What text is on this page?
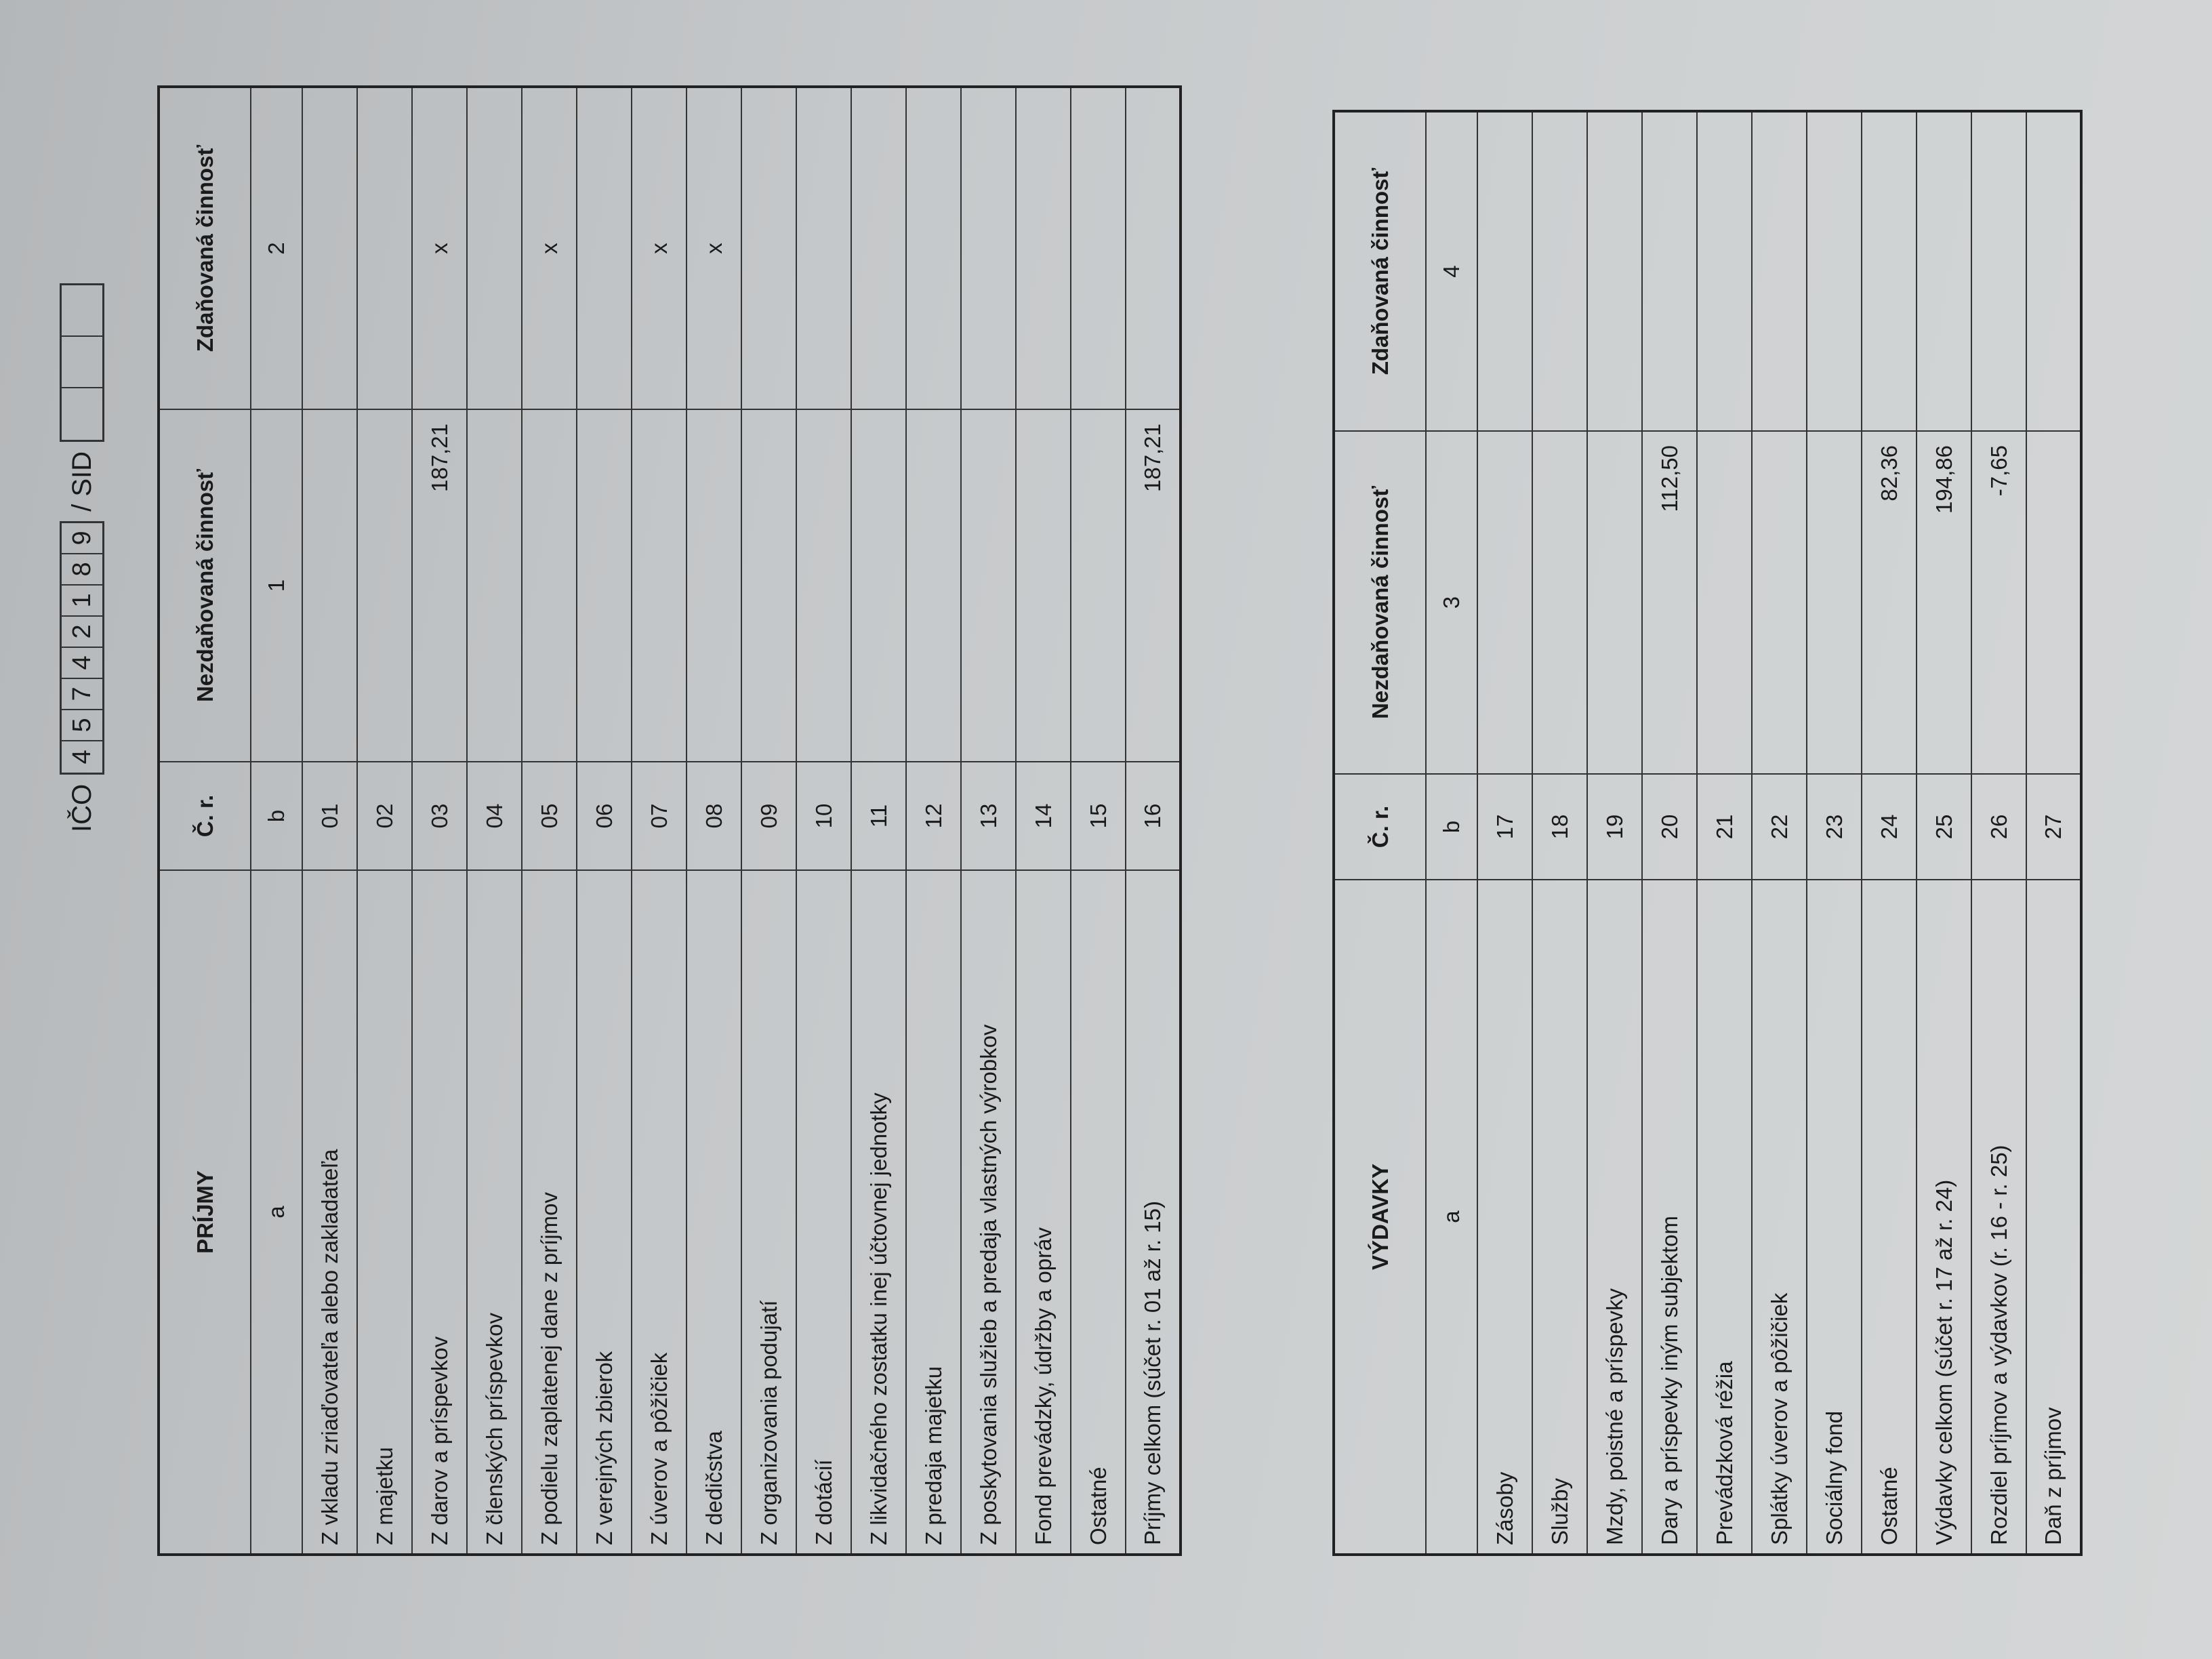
IČO
4
5
7
4
2
1
8
9
/ SID
PRÍJMY	Č. r.	Nezdaňovaná činnosť	Zdaňovaná činnosť
a	b	1	2
Z vkladu zriaďovateľa alebo zakladateľa	01		
Z majetku	02		
Z darov a príspevkov	03	187,21	x
Z členských príspevkov	04		
Z podielu zaplatenej dane z príjmov	05		x
Z verejných zbierok	06		
Z úverov a pôžičiek	07		x
Z dedičstva	08		x
Z organizovania podujatí	09		
Z dotácií	10		
Z likvidačného zostatku inej účtovnej jednotky	11		
Z predaja majetku	12		
Z poskytovania služieb a predaja vlastných výrobkov	13		
Fond prevádzky, údržby a opráv	14		
Ostatné	15		
Príjmy celkom (súčet r. 01 až r. 15)	16	187,21	
VÝDAVKY	Č. r.	Nezdaňovaná činnosť	Zdaňovaná činnosť
a	b	3	4
Zásoby	17		
Služby	18		
Mzdy, poistné a príspevky	19		
Dary a príspevky iným subjektom	20	112,50	
Prevádzková réžia	21		
Splátky úverov a pôžičiek	22		
Sociálny fond	23		
Ostatné	24	82,36	
Výdavky celkom (súčet r. 17 až r. 24)	25	194,86	
Rozdiel príjmov a výdavkov (r. 16 - r. 25)	26	-7,65	
Daň z príjmov	27		
